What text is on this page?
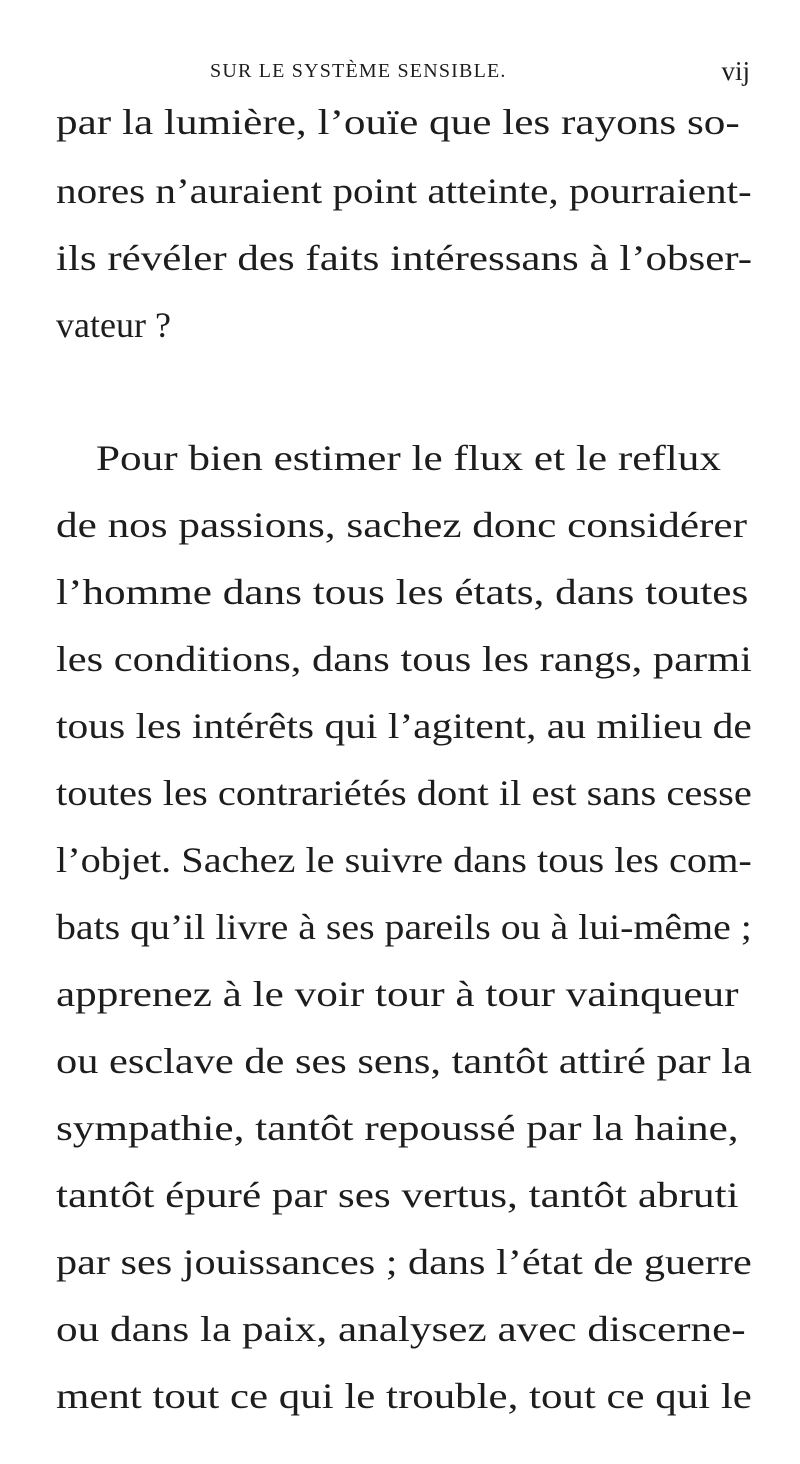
SUR LE SYSTÈME SENSIBLE.	vij
par la lumière, l’ouïe que les rayons so-
nores n’auraient point atteinte, pourraient-
ils révéler des faits intéressans à l’obser-
vateur ?
Pour bien estimer le flux et le reflux
de nos passions, sachez donc considérer
l’homme dans tous les états, dans toutes
les conditions, dans tous les rangs, parmi
tous les intérêts qui l’agitent, au milieu de
toutes les contrariétés dont il est sans cesse
l’objet. Sachez le suivre dans tous les com-
bats qu’il livre à ses pareils ou à lui-même ;
apprenez à le voir tour à tour vainqueur
ou esclave de ses sens, tantôt attiré par la
sympathie, tantôt repoussé par la haine,
tantôt épuré par ses vertus, tantôt abruti
par ses jouissances ; dans l’état de guerre
ou dans la paix, analysez avec discerne-
ment tout ce qui le trouble, tout ce qui le
